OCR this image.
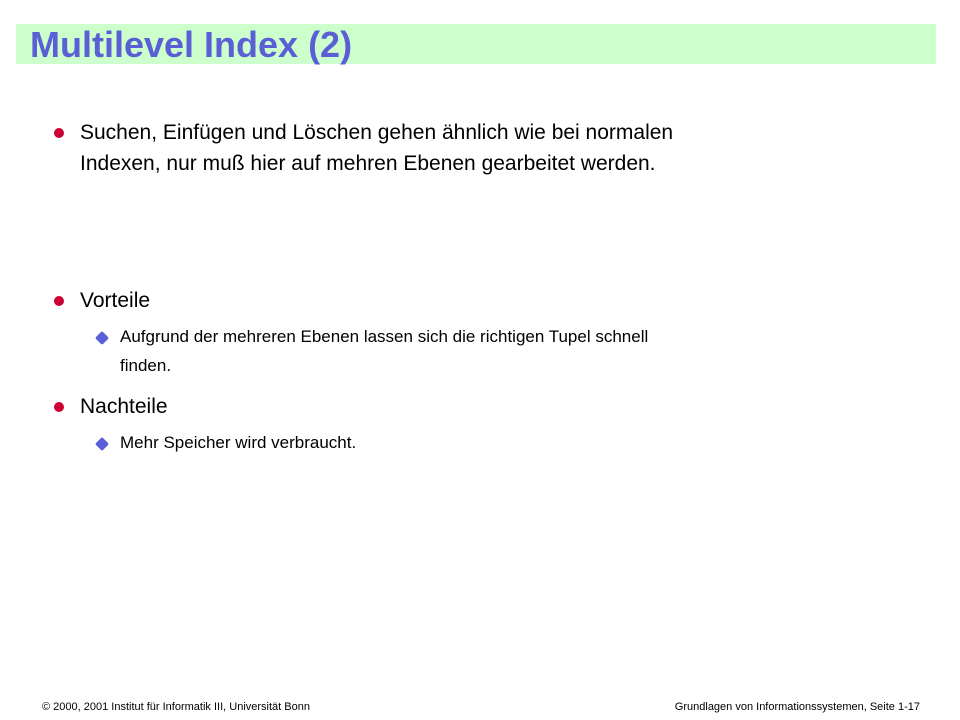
Multilevel Index (2)
Suchen, Einfügen und Löschen gehen ähnlich wie bei normalen
Indexen, nur muß hier auf mehren Ebenen gearbeitet werden.
Vorteile
Aufgrund der mehreren Ebenen lassen sich die richtigen Tupel schnell
finden.
Nachteile
Mehr Speicher wird verbraucht.
© 2000, 2001 Institut für Informatik III, Universität Bonn	Grundlagen von Informationssystemen, Seite 1-17
